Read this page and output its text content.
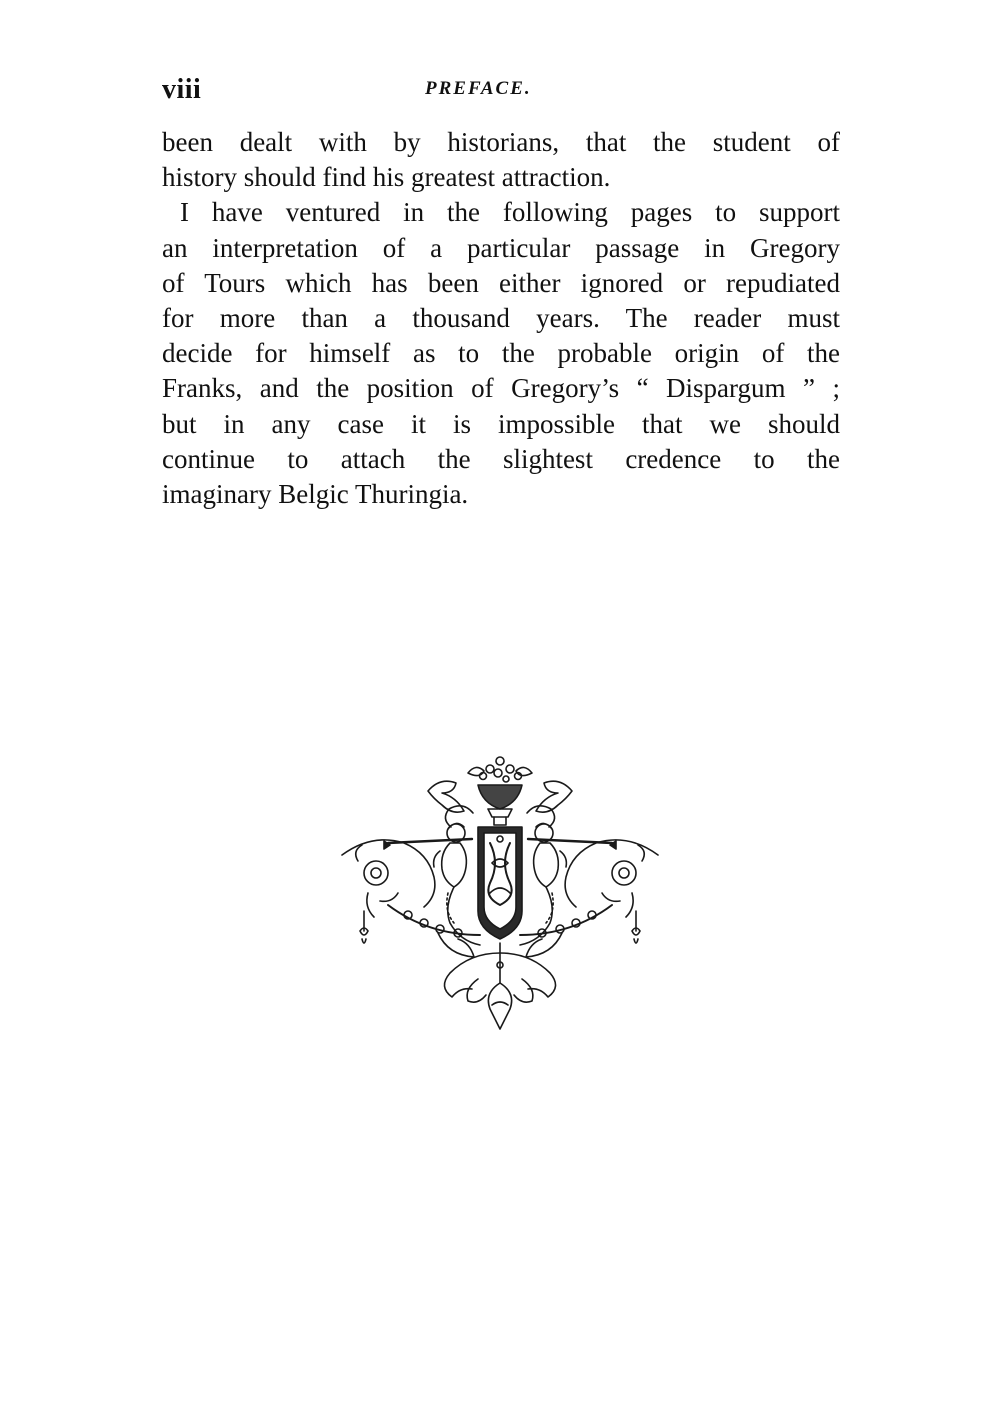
viii	PREFACE.

been dealt with by historians, that the student of
history should find his greatest attraction.

I have ventured in the following pages to support
an interpretation of a particular passage in Gregory
of Tours which has been either ignored or repudiated
for more than a thousand years. The reader must
decide for himself as to the probable origin of the
Franks, and the position of Gregory’s “ Dispargum ” ;
but in any case it is impossible that we should
continue to attach the slightest credence to the
imaginary Belgic Thuringia.
